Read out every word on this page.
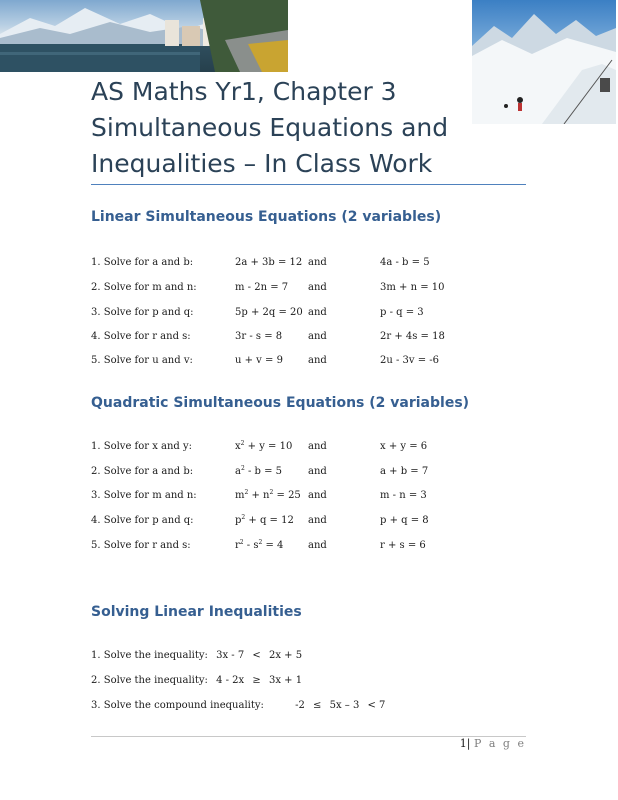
AS Maths Yr1, Chapter 3
Simultaneous Equations and
Inequalities – In Class Work
Linear Simultaneous Equations (2 variables)
1. Solve for a and b:	2a + 3b = 12 and	4a - b = 5
2. Solve for m and n:	m - 2n = 7 and	3m + n = 10
3. Solve for p and q:	5p + 2q = 20 and	p - q = 3
4. Solve for r and s:	3r - s = 8	and	2r + 4s = 18
5. Solve for u and v:	u + v = 9	and	2u - 3v = -6
Quadratic Simultaneous Equations (2 variables)
1. Solve for x and y:	$x^2 + y = 10$ and	x + y = 6
2. Solve for a and b:	$a^2 - b = 5$	and	a + b = 7
3. Solve for m and n:	$m^2 + n^2 = 25$ and	m - n = 3
4. Solve for p and q:	$p^2 + q = 12$ and	p + q = 8
5. Solve for r and s:	$r^2 - s^2 = 4$ and	r + s = 6
Solving Linear Inequalities
1. Solve the inequality: 3x - 7 < 2x + 5
2. Solve the inequality: 4 - 2x ≥ 3x + 1
3. Solve the compound inequality:	-2 ≤ 5x – 3 < 7
1| P a g e
